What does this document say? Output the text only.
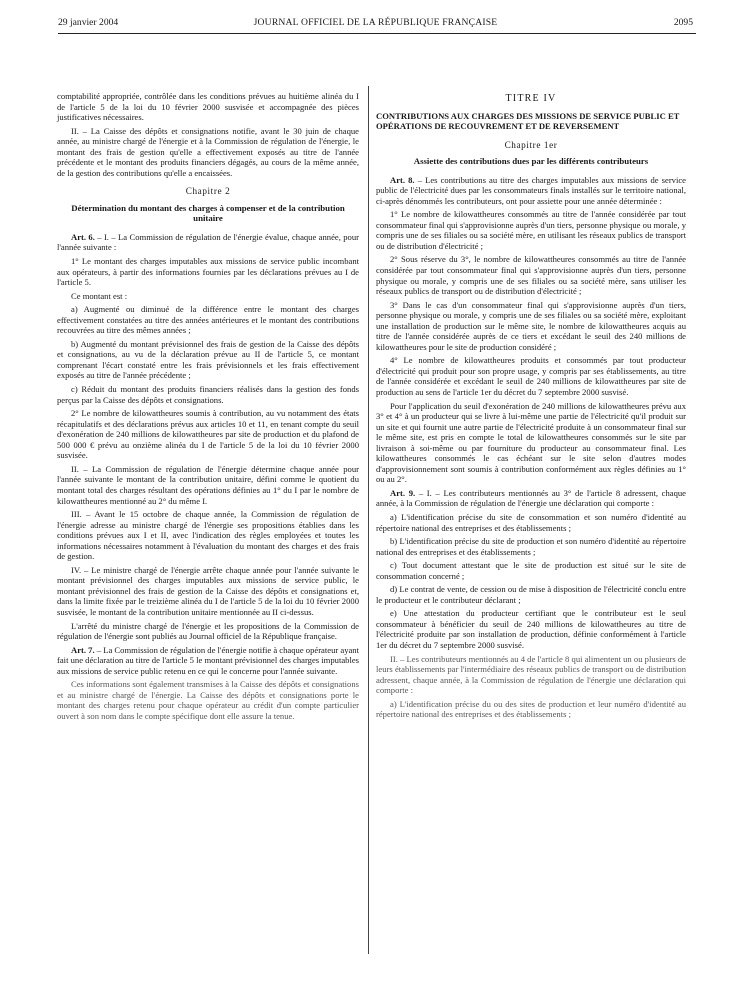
29 janvier 2004	JOURNAL OFFICIEL DE LA RÉPUBLIQUE FRANÇAISE	2095

comptabilité appropriée, contrôlée dans les conditions prévues au huitième alinéa du I de l'article 5 de la loi du 10 février 2000 susvisée et accompagnée des pièces justificatives nécessaires.

II. – La Caisse des dépôts et consignations notifie, avant le 30 juin de chaque année, au ministre chargé de l'énergie et à la Commission de régulation de l'énergie, le montant des frais de gestion qu'elle a effectivement exposés au titre de l'année précédente et le montant des produits financiers dégagés, au cours de la même année, de la gestion des contributions qu'elle a encaissées.

Chapitre 2
Détermination du montant des charges à compenser et de la contribution unitaire

Art. 6. – I. – La Commission de régulation de l'énergie évalue, chaque année, pour l'année suivante :

1° Le montant des charges imputables aux missions de service public incombant aux opérateurs, à partir des informations fournies par les déclarations prévues au I de l'article 5.

Ce montant est :

a) Augmenté ou diminué de la différence entre le montant des charges effectivement constatées au titre des années antérieures et le montant des contributions recouvrées au titre des mêmes années ;

b) Augmenté du montant prévisionnel des frais de gestion de la Caisse des dépôts et consignations, au vu de la déclaration prévue au II de l'article 5, ce montant comprenant l'écart constaté entre les frais prévisionnels et les frais effectivement exposés au titre de l'année précédente ;

c) Réduit du montant des produits financiers réalisés dans la gestion des fonds perçus par la Caisse des dépôts et consignations.

2° Le nombre de kilowattheures soumis à contribution, au vu notamment des états récapitulatifs et des déclarations prévus aux articles 10 et 11, en tenant compte du seuil d'exonération de 240 millions de kilowattheures par site de production et du plafond de 500 000 € prévu au onzième alinéa du I de l'article 5 de la loi du 10 février 2000 susvisée.

II. – La Commission de régulation de l'énergie détermine chaque année pour l'année suivante le montant de la contribution unitaire, défini comme le quotient du montant total des charges résultant des opérations définies au 1° du I par le nombre de kilowattheures mentionné au 2° du même I.

III. – Avant le 15 octobre de chaque année, la Commission de régulation de l'énergie adresse au ministre chargé de l'énergie ses propositions établies dans les conditions prévues aux I et II, avec l'indication des règles employées et toutes les informations nécessaires notamment à l'évaluation du montant des charges et des frais de gestion.

IV. – Le ministre chargé de l'énergie arrête chaque année pour l'année suivante le montant prévisionnel des charges imputables aux missions de service public, le montant prévisionnel des frais de gestion de la Caisse des dépôts et consignations et, dans la limite fixée par le treizième alinéa du I de l'article 5 de la loi du 10 février 2000 susvisée, le montant de la contribution unitaire mentionnée au II ci-dessus.

L'arrêté du ministre chargé de l'énergie et les propositions de la Commission de régulation de l'énergie sont publiés au Journal officiel de la République française.

Art. 7. – La Commission de régulation de l'énergie notifie à chaque opérateur ayant fait une déclaration au titre de l'article 5 le montant prévisionnel des charges imputables aux missions de service public retenu en ce qui le concerne pour l'année suivante.

Ces informations sont également transmises à la Caisse des dépôts et consignations et au ministre chargé de l'énergie. La Caisse des dépôts et consignations porte le montant des charges retenu pour chaque opérateur au crédit d'un compte particulier ouvert à son nom dans le compte spécifique dont elle assure la tenue.

TITRE IV
CONTRIBUTIONS AUX CHARGES DES MISSIONS DE SERVICE PUBLIC ET OPÉRATIONS DE RECOUVREMENT ET DE REVERSEMENT
Chapitre 1er
Assiette des contributions dues par les différents contributeurs

Art. 8. – Les contributions au titre des charges imputables aux missions de service public de l'électricité dues par les consommateurs finals installés sur le territoire national, ci-après dénommés les contributeurs, ont pour assiette pour une année déterminée :

1° Le nombre de kilowattheures consommés au titre de l'année considérée par tout consommateur final qui s'approvisionne auprès d'un tiers, personne physique ou morale, y compris une de ses filiales ou sa société mère, en utilisant les réseaux publics de transport ou de distribution d'électricité ;

2° Sous réserve du 3°, le nombre de kilowattheures consommés au titre de l'année considérée par tout consommateur final qui s'approvisionne auprès d'un tiers, personne physique ou morale, y compris une de ses filiales ou sa société mère, sans utiliser les réseaux publics de transport ou de distribution d'électricité ;

3° Dans le cas d'un consommateur final qui s'approvisionne auprès d'un tiers, personne physique ou morale, y compris une de ses filiales ou sa société mère, exploitant une installation de production sur le même site, le nombre de kilowattheures acquis au titre de l'année considérée auprès de ce tiers et excédant le seuil des 240 millions de kilowattheures pour le site de production considéré ;

4° Le nombre de kilowattheures produits et consommés par tout producteur d'électricité qui produit pour son propre usage, y compris par ses établissements, au titre de l'année considérée et excédant le seuil de 240 millions de kilowattheures par site de production au sens de l'article 1er du décret du 7 septembre 2000 susvisé.

Pour l'application du seuil d'exonération de 240 millions de kilowattheures prévu aux 3° et 4° à un producteur qui se livre à lui-même une partie de l'électricité qu'il produit sur un site et qui fournit une autre partie de l'électricité produite à un consommateur final sur le même site, est pris en compte le total de kilowattheures consommés sur le site par livraison à soi-même ou par fourniture du producteur au consommateur final. Les kilowattheures consommés le cas échéant sur le site selon d'autres modes d'approvisionnement sont soumis à contribution conformément aux règles définies au 1° ou au 2°.

Art. 9. – I. – Les contributeurs mentionnés au 3° de l'article 8 adressent, chaque année, à la Commission de régulation de l'énergie une déclaration qui comporte :

a) L'identification précise du site de consommation et son numéro d'identité au répertoire national des entreprises et des établissements ;

b) L'identification précise du site de production et son numéro d'identité au répertoire national des entreprises et des établissements ;

c) Tout document attestant que le site de production est situé sur le site de consommation concerné ;

d) Le contrat de vente, de cession ou de mise à disposition de l'électricité conclu entre le producteur et le contributeur déclarant ;

e) Une attestation du producteur certifiant que le contributeur est le seul consommateur à bénéficier du seuil de 240 millions de kilowattheures au titre de l'électricité produite par son installation de production, définie conformément à l'article 1er du décret du 7 septembre 2000 susvisé.

II. – Les contributeurs mentionnés au 4 de l'article 8 qui alimentent un ou plusieurs de leurs établissements par l'intermédiaire des réseaux publics de transport ou de distribution adressent, chaque année, à la Commission de régulation de l'énergie une déclaration qui comporte :

a) L'identification précise du ou des sites de production et leur numéro d'identité au répertoire national des entreprises et des établissements ;
